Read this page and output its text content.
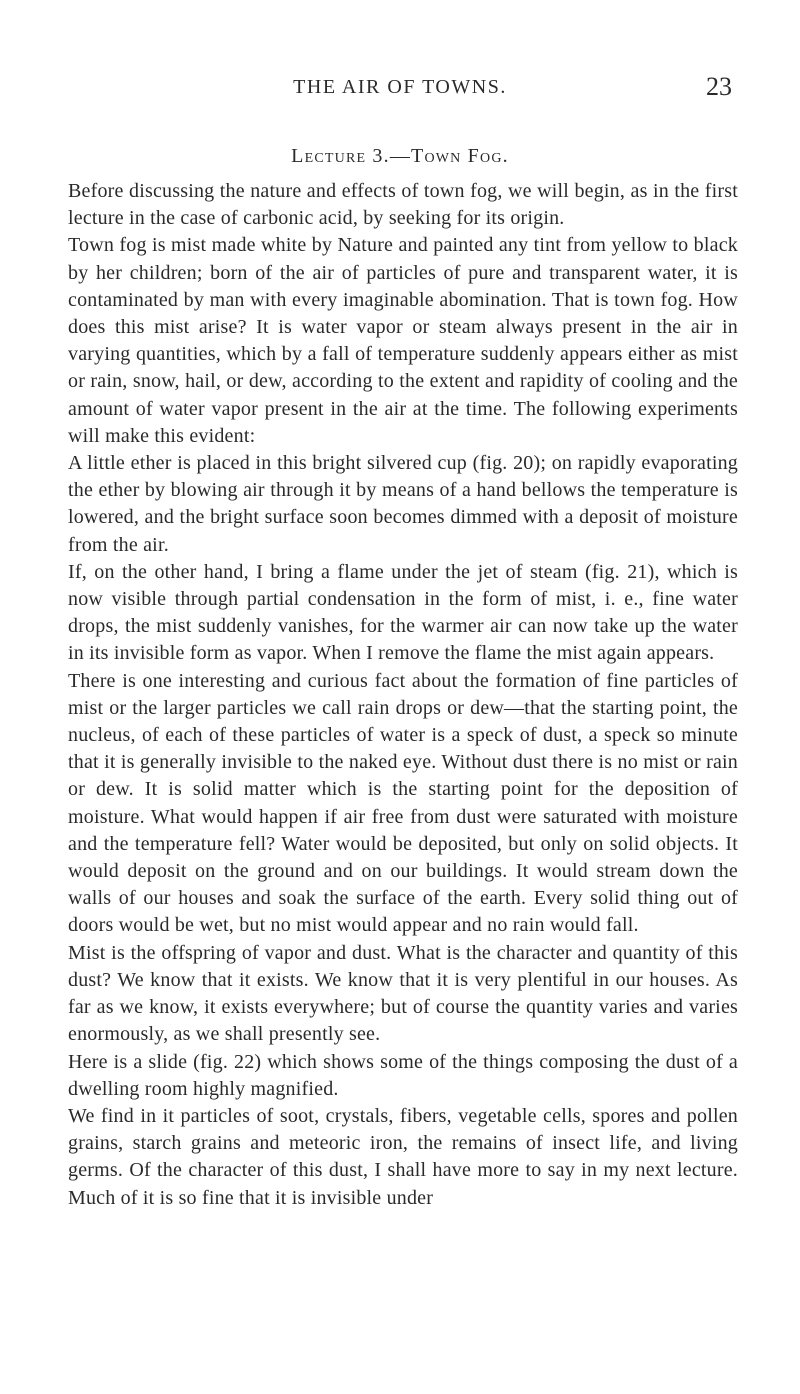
THE AIR OF TOWNS.	23
Lecture 3.—Town Fog.

Before discussing the nature and effects of town fog, we will begin, as in the first lecture in the case of carbonic acid, by seeking for its origin.

Town fog is mist made white by Nature and painted any tint from yellow to black by her children; born of the air of particles of pure and transparent water, it is contaminated by man with every imaginable abomination. That is town fog. How does this mist arise? It is water vapor or steam always present in the air in varying quantities, which by a fall of temperature suddenly appears either as mist or rain, snow, hail, or dew, according to the extent and rapidity of cooling and the amount of water vapor present in the air at the time. The following experiments will make this evident:

A little ether is placed in this bright silvered cup (fig. 20); on rapidly evaporating the ether by blowing air through it by means of a hand bellows the temperature is lowered, and the bright surface soon becomes dimmed with a deposit of moisture from the air.

If, on the other hand, I bring a flame under the jet of steam (fig. 21), which is now visible through partial condensation in the form of mist, i. e., fine water drops, the mist suddenly vanishes, for the warmer air can now take up the water in its invisible form as vapor. When I remove the flame the mist again appears.

There is one interesting and curious fact about the formation of fine particles of mist or the larger particles we call rain drops or dew—that the starting point, the nucleus, of each of these particles of water is a speck of dust, a speck so minute that it is generally invisible to the naked eye. Without dust there is no mist or rain or dew. It is solid matter which is the starting point for the deposition of moisture. What would happen if air free from dust were saturated with moisture and the temperature fell? Water would be deposited, but only on solid objects. It would deposit on the ground and on our buildings. It would stream down the walls of our houses and soak the surface of the earth. Every solid thing out of doors would be wet, but no mist would appear and no rain would fall.

Mist is the offspring of vapor and dust. What is the character and quantity of this dust? We know that it exists. We know that it is very plentiful in our houses. As far as we know, it exists everywhere; but of course the quantity varies and varies enormously, as we shall presently see.

Here is a slide (fig. 22) which shows some of the things composing the dust of a dwelling room highly magnified.

We find in it particles of soot, crystals, fibers, vegetable cells, spores and pollen grains, starch grains and meteoric iron, the remains of insect life, and living germs. Of the character of this dust, I shall have more to say in my next lecture. Much of it is so fine that it is invisible under
